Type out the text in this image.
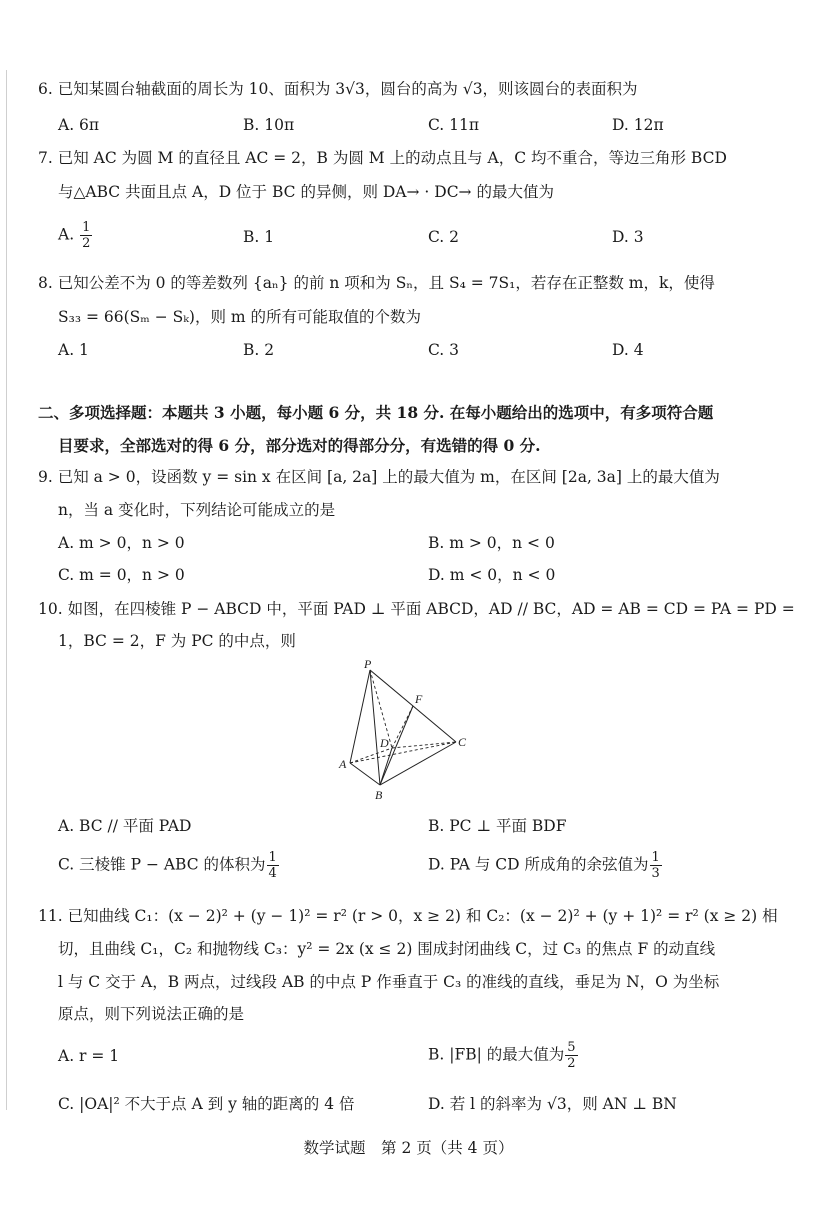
6. 已知某圆台轴截面的周长为 10、面积为 3√3，圆台的高为 √3，则该圆台的表面积为
A. 6π	B. 10π	C. 11π	D. 12π
7. 已知 AC 为圆 M 的直径且 AC = 2，B 为圆 M 上的动点且与 A，C 均不重合，等边三角形 BCD
与△ABC 共面且点 A，D 位于 BC 的异侧，则 DA→ · DC→ 的最大值为
A. $\frac{1}{2}$	B. 1	C. 2	D. 3
8. 已知公差不为 0 的等差数列 {aₙ} 的前 n 项和为 Sₙ，且 S₄ = 7S₁，若存在正整数 m，k，使得
S₃₃ = 66(Sₘ − Sₖ)，则 m 的所有可能取值的个数为
A. 1	B. 2	C. 3	D. 4
二、多项选择题：本题共 3 小题，每小题 6 分，共 18 分. 在每小题给出的选项中，有多项符合题
目要求，全部选对的得 6 分，部分选对的得部分分，有选错的得 0 分.
9. 已知 a > 0，设函数 y = sin x 在区间 [a, 2a] 上的最大值为 m，在区间 [2a, 3a] 上的最大值为
n，当 a 变化时，下列结论可能成立的是
A. m > 0，n > 0	B. m > 0，n < 0
C. m = 0，n > 0	D. m < 0，n < 0
10. 如图，在四棱锥 P − ABCD 中，平面 PAD ⊥ 平面 ABCD，AD // BC，AD = AB = CD = PA = PD =
1，BC = 2，F 为 PC 的中点，则
P
F
D	C
A
B
A. BC // 平面 PAD	B. PC ⊥ 平面 BDF
C. 三棱锥 P − ABC 的体积为 $\frac{1}{4}$	D. PA 与 CD 所成角的余弦值为 $\frac{1}{3}$
11. 已知曲线 C₁：(x − 2)² + (y − 1)² = r² (r > 0，x ≥ 2) 和 C₂：(x − 2)² + (y + 1)² = r² (x ≥ 2) 相
切，且曲线 C₁，C₂ 和抛物线 C₃：y² = 2x (x ≤ 2) 围成封闭曲线 C，过 C₃ 的焦点 F 的动直线
l 与 C 交于 A，B 两点，过线段 AB 的中点 P 作垂直于 C₃ 的准线的直线，垂足为 N，O 为坐标
原点，则下列说法正确的是
A. r = 1	B. |FB| 的最大值为 $\frac{5}{2}$
C. |OA|² 不大于点 A 到 y 轴的距离的 4 倍	D. 若 l 的斜率为 √3，则 AN ⊥ BN
数学试题　第 2 页（共 4 页）
